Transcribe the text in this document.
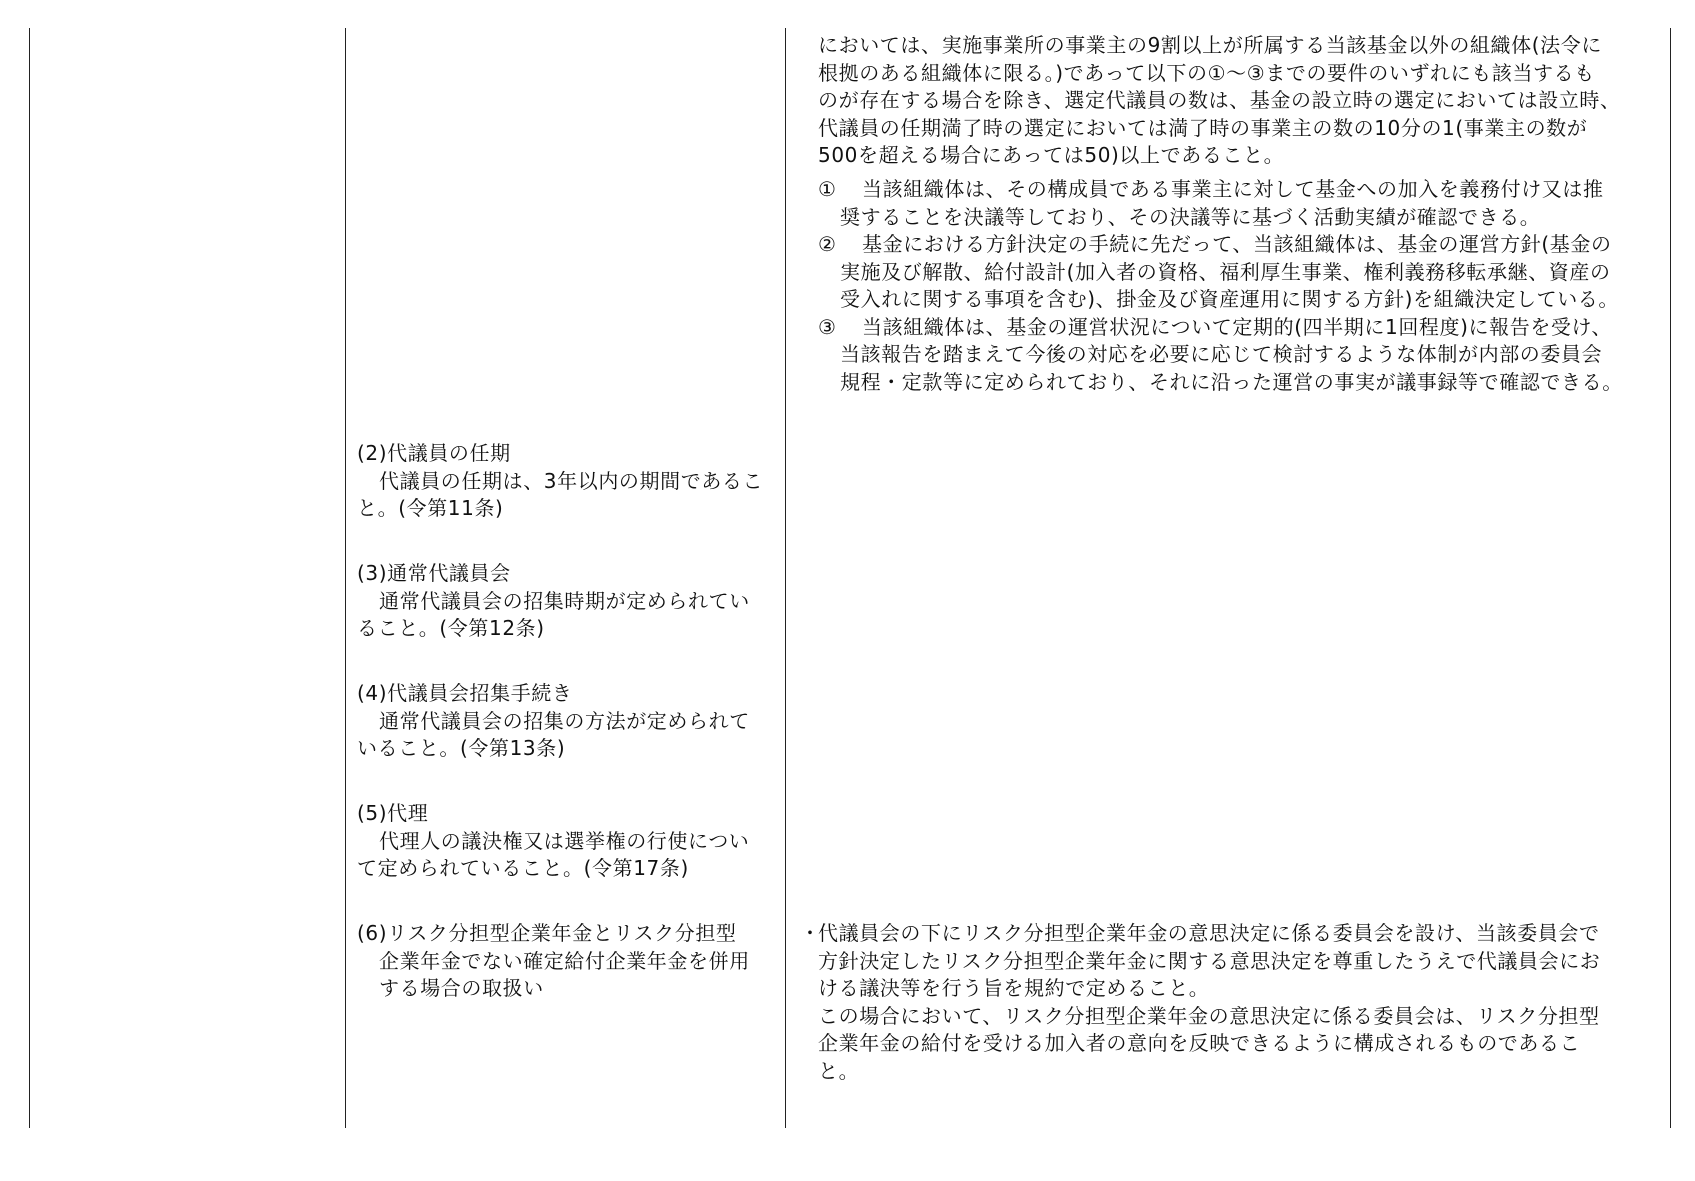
においては、実施事業所の事業主の9割以上が所属する当該基金以外の組織体(法令に
根拠のある組織体に限る。)であって以下の①～③までの要件のいずれにも該当するも
のが存在する場合を除き、選定代議員の数は、基金の設立時の選定においては設立時、
代議員の任期満了時の選定においては満了時の事業主の数の10分の1(事業主の数が
500を超える場合にあっては50)以上であること。
① 当該組織体は、その構成員である事業主に対して基金への加入を義務付け又は推
奨することを決議等しており、その決議等に基づく活動実績が確認できる。
② 基金における方針決定の手続に先だって、当該組織体は、基金の運営方針(基金の
実施及び解散、給付設計(加入者の資格、福利厚生事業、権利義務移転承継、資産の
受入れに関する事項を含む)、掛金及び資産運用に関する方針)を組織決定している。
③ 当該組織体は、基金の運営状況について定期的(四半期に1回程度)に報告を受け、
当該報告を踏まえて今後の対応を必要に応じて検討するような体制が内部の委員会
規程・定款等に定められており、それに沿った運営の事実が議事録等で確認できる。
(2)代議員の任期
代議員の任期は、3年以内の期間であるこ
と。(令第11条)
(3)通常代議員会
通常代議員会の招集時期が定められてい
ること。(令第12条)
(4)代議員会招集手続き
通常代議員会の招集の方法が定められて
いること。(令第13条)
(5)代理
代理人の議決権又は選挙権の行使につい
て定められていること。(令第17条)
(6)リスク分担型企業年金とリスク分担型
企業年金でない確定給付企業年金を併用
する場合の取扱い
・代議員会の下にリスク分担型企業年金の意思決定に係る委員会を設け、当該委員会で
方針決定したリスク分担型企業年金に関する意思決定を尊重したうえで代議員会にお
ける議決等を行う旨を規約で定めること。
この場合において、リスク分担型企業年金の意思決定に係る委員会は、リスク分担型
企業年金の給付を受ける加入者の意向を反映できるように構成されるものであるこ
と。
